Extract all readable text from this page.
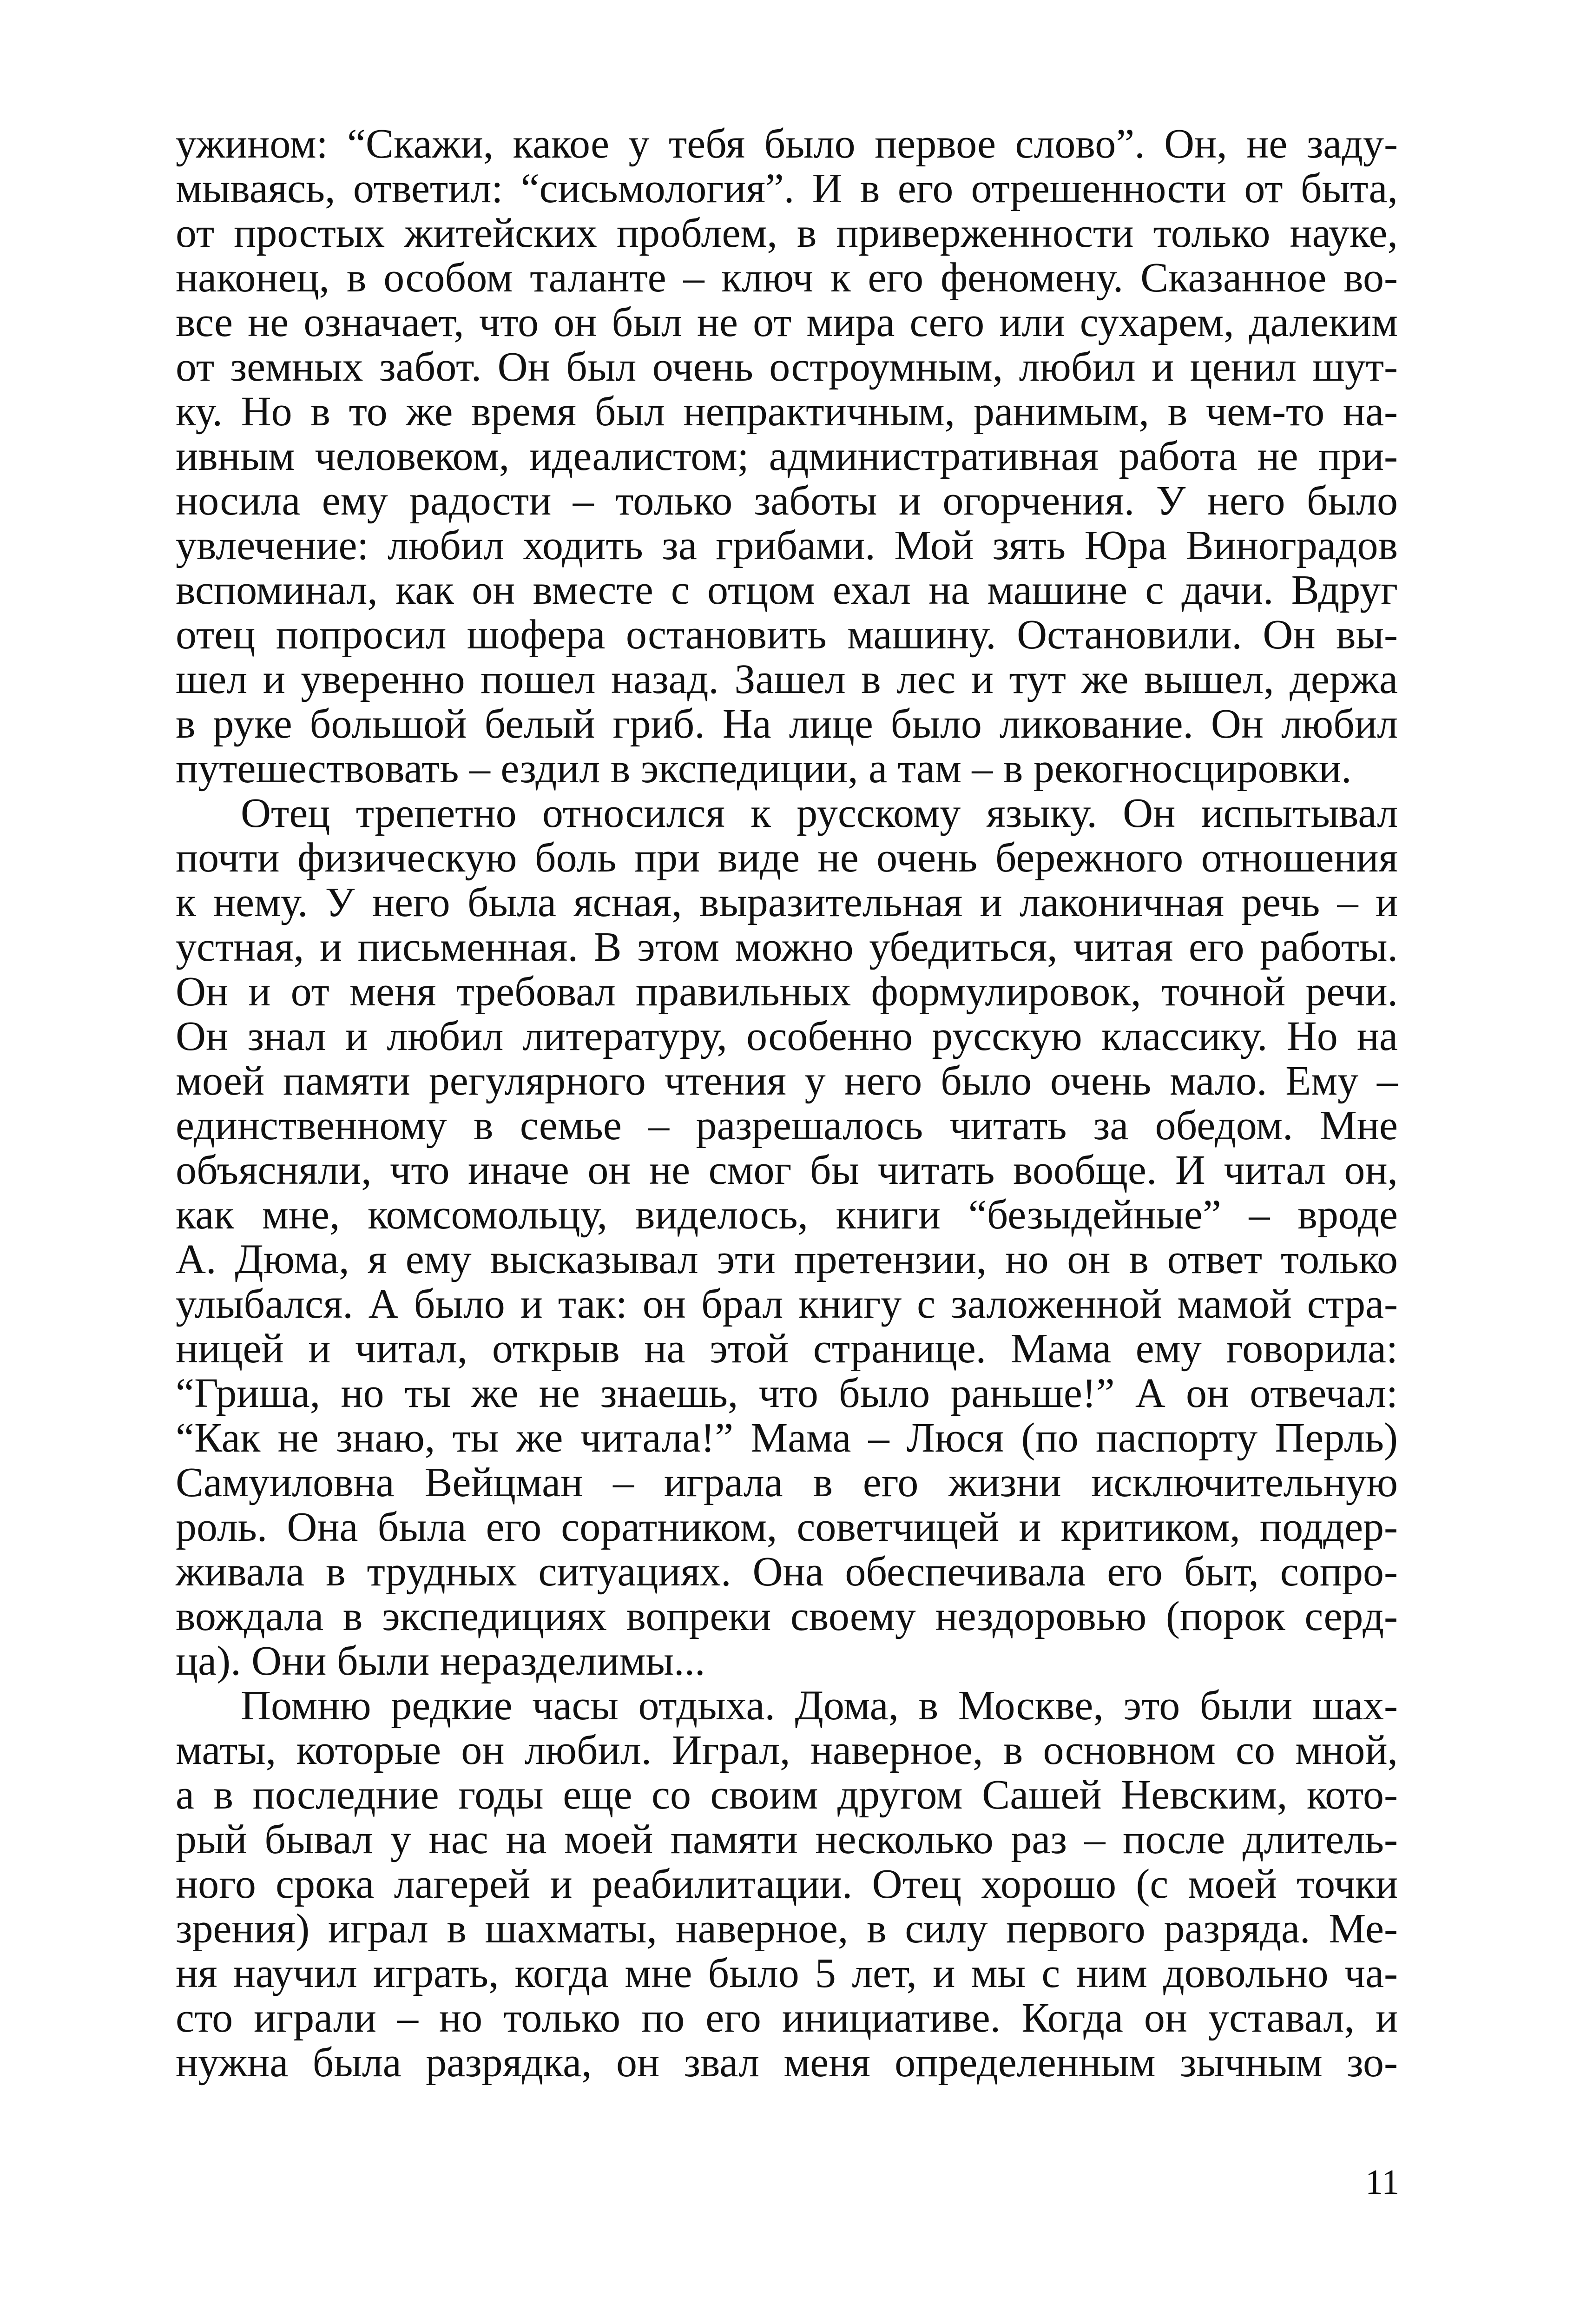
ужином: “Скажи, какое у тебя было первое слово”. Он, не заду-
мываясь, ответил: “сисьмология”. И в его отрешенности от быта,
от простых житейских проблем, в приверженности только науке,
наконец, в особом таланте – ключ к его феномену. Сказанное во-
все не означает, что он был не от мира сего или сухарем, далеким
от земных забот. Он был очень остроумным, любил и ценил шут-
ку. Но в то же время был непрактичным, ранимым, в чем-то на-
ивным человеком, идеалистом; административная работа не при-
носила ему радости – только заботы и огорчения. У него было
увлечение: любил ходить за грибами. Мой зять Юра Виноградов
вспоминал, как он вместе с отцом ехал на машине с дачи. Вдруг
отец попросил шофера остановить машину. Остановили. Он вы-
шел и уверенно пошел назад. Зашел в лес и тут же вышел, держа
в руке большой белый гриб. На лице было ликование. Он любил
путешествовать – ездил в экспедиции, а там – в рекогносцировки.
Отец трепетно относился к русскому языку. Он испытывал
почти физическую боль при виде не очень бережного отношения
к нему. У него была ясная, выразительная и лаконичная речь – и
устная, и письменная. В этом можно убедиться, читая его работы.
Он и от меня требовал правильных формулировок, точной речи.
Он знал и любил литературу, особенно русскую классику. Но на
моей памяти регулярного чтения у него было очень мало. Ему –
единственному в семье – разрешалось читать за обедом. Мне
объясняли, что иначе он не смог бы читать вообще. И читал он,
как мне, комсомольцу, виделось, книги “безыдейные” – вроде
А. Дюма, я ему высказывал эти претензии, но он в ответ только
улыбался. А было и так: он брал книгу с заложенной мамой стра-
ницей и читал, открыв на этой странице. Мама ему говорила:
“Гриша, но ты же не знаешь, что было раньше!” А он отвечал:
“Как не знаю, ты же читала!” Мама – Люся (по паспорту Перль)
Самуиловна Вейцман – играла в его жизни исключительную
роль. Она была его соратником, советчицей и критиком, поддер-
живала в трудных ситуациях. Она обеспечивала его быт, сопро-
вождала в экспедициях вопреки своему нездоровью (порок серд-
ца). Они были неразделимы...
Помню редкие часы отдыха. Дома, в Москве, это были шах-
маты, которые он любил. Играл, наверное, в основном со мной,
а в последние годы еще со своим другом Сашей Невским, кото-
рый бывал у нас на моей памяти несколько раз – после длитель-
ного срока лагерей и реабилитации. Отец хорошо (с моей точки
зрения) играл в шахматы, наверное, в силу первого разряда. Ме-
ня научил играть, когда мне было 5 лет, и мы с ним довольно ча-
сто играли – но только по его инициативе. Когда он уставал, и
нужна была разрядка, он звал меня определенным зычным зо-
11
